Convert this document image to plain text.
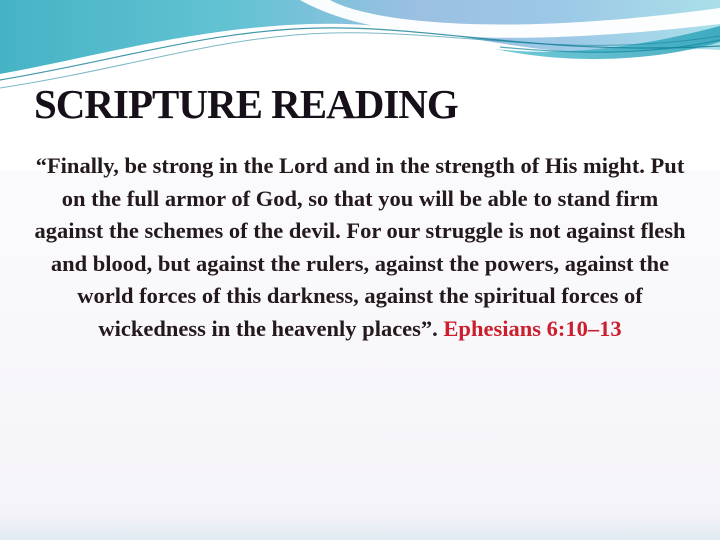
SCRIPTURE READING

“Finally, be strong in the Lord and in the strength of His might. Put on the full armor of God, so that you will be able to stand firm against the schemes of the devil. For our struggle is not against flesh and blood, but against the rulers, against the powers, against the world forces of this darkness, against the spiritual forces of wickedness in the heavenly places”. Ephesians 6:10–13
